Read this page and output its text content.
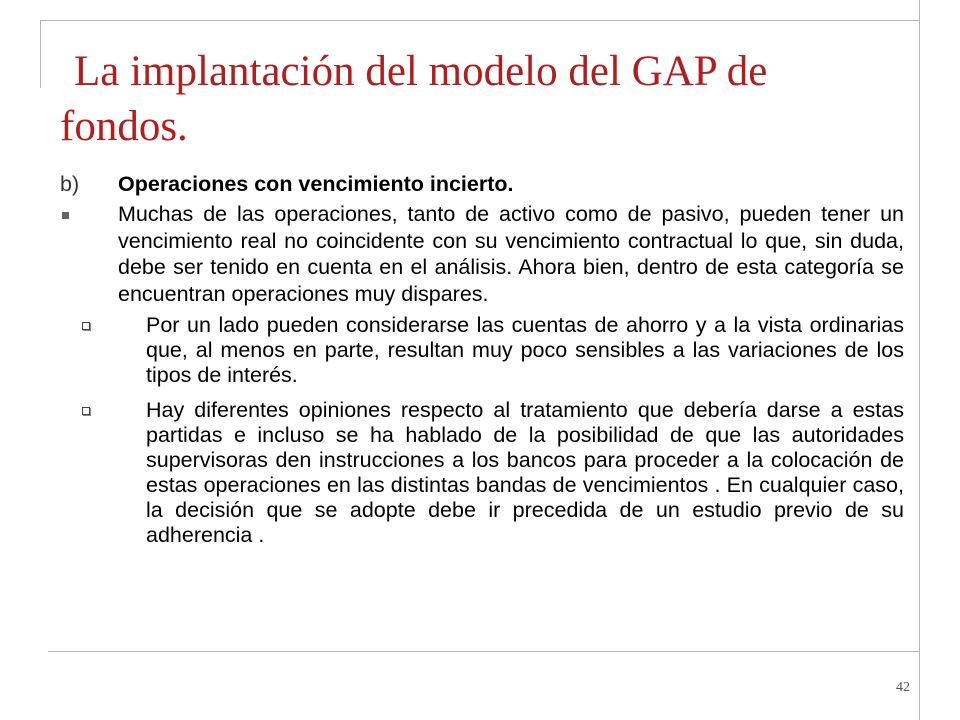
La implantación del modelo del GAP de fondos.
b)	Operaciones con vencimiento incierto.
Muchas de las operaciones, tanto de activo como de pasivo, pueden tener un vencimiento real no coincidente con su vencimiento contractual lo que, sin duda, debe ser tenido en cuenta en el análisis. Ahora bien, dentro de esta categoría se encuentran operaciones muy dispares.
Por un lado pueden considerarse las cuentas de ahorro y a la vista ordinarias que, al menos en parte, resultan muy poco sensibles a las variaciones de los tipos de interés.
Hay diferentes opiniones respecto al tratamiento que debería darse a estas partidas e incluso se ha hablado de la posibilidad de que las autoridades supervisoras den instrucciones a los bancos para proceder a la colocación de estas operaciones en las distintas bandas de vencimientos . En cualquier caso, la decisión que se adopte debe ir precedida de un estudio previo de su adherencia .
42
